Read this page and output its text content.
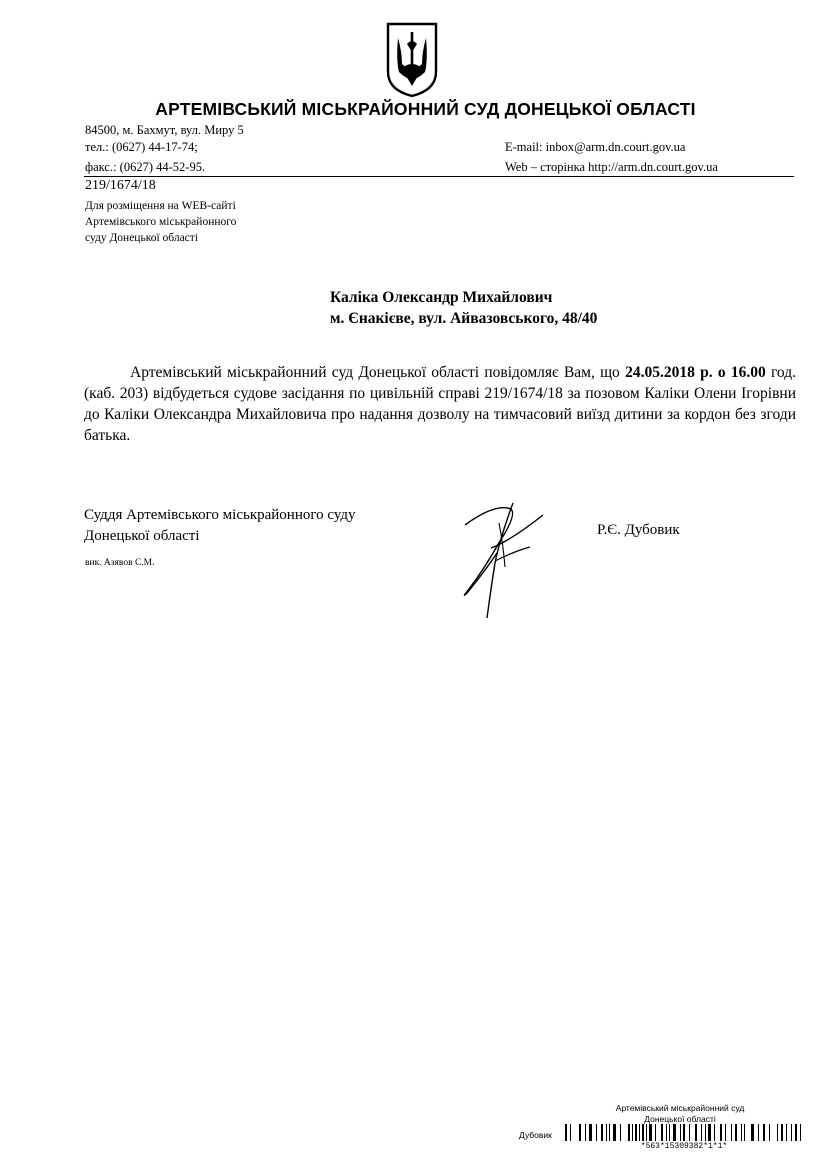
АРТЕМІВСЬКИЙ МІСЬКРАЙОННИЙ СУД ДОНЕЦЬКОЇ ОБЛАСТІ
84500, м. Бахмут, вул. Миру 5
тел.: (0627) 44-17-74;
факс.: (0627) 44-52-95.
E-mail: inbox@arm.dn.court.gov.ua
Web – сторінка http://arm.dn.court.gov.ua
219/1674/18
Для розміщення на WEB-сайті
Артемівського міськрайонного
суду Донецької області
Каліка Олександр Михайлович
м. Єнакієве, вул. Айвазовського, 48/40

Артемівський міськрайонний суд Донецької області повідомляє Вам, що 24.05.2018 р. о 16.00 год. (каб. 203) відбудеться судове засідання по цивільній справі 219/1674/18 за позовом Каліки Олени Ігорівни до Каліки Олександра Михайловича про надання дозволу на тимчасовий виїзд дитини за кордон без згоди батька.

Суддя Артемівського міськрайонного суду
Донецької області	Р.Є. Дубовик
вик. Азявов С.М.
Артемівський міськрайонний суд
Донецької області
Дубовик
*563*15309382*1*1*
